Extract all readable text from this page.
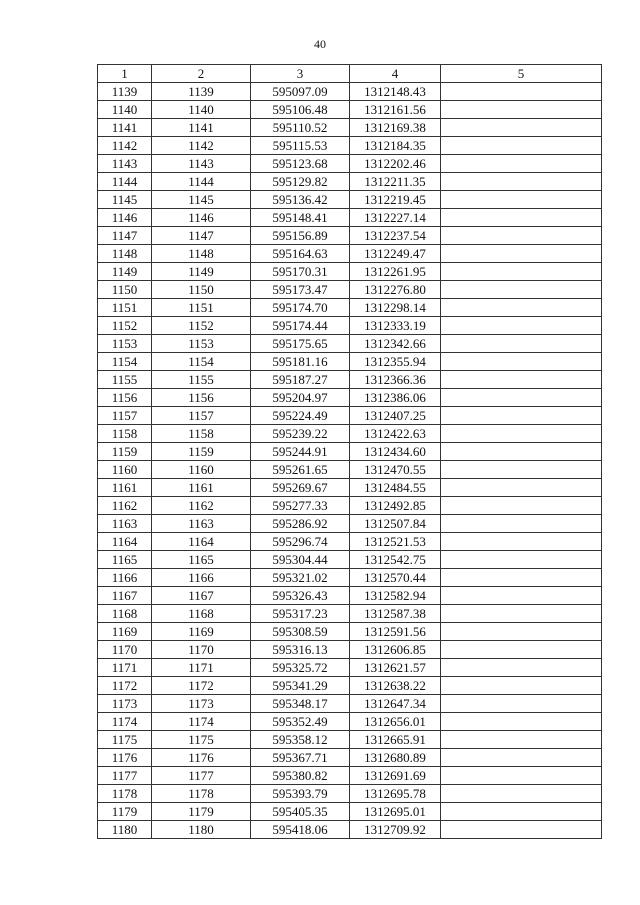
40
1	2	3	4	5
1139	1139	595097.09	1312148.43	
1140	1140	595106.48	1312161.56	
1141	1141	595110.52	1312169.38	
1142	1142	595115.53	1312184.35	
1143	1143	595123.68	1312202.46	
1144	1144	595129.82	1312211.35	
1145	1145	595136.42	1312219.45	
1146	1146	595148.41	1312227.14	
1147	1147	595156.89	1312237.54	
1148	1148	595164.63	1312249.47	
1149	1149	595170.31	1312261.95	
1150	1150	595173.47	1312276.80	
1151	1151	595174.70	1312298.14	
1152	1152	595174.44	1312333.19	
1153	1153	595175.65	1312342.66	
1154	1154	595181.16	1312355.94	
1155	1155	595187.27	1312366.36	
1156	1156	595204.97	1312386.06	
1157	1157	595224.49	1312407.25	
1158	1158	595239.22	1312422.63	
1159	1159	595244.91	1312434.60	
1160	1160	595261.65	1312470.55	
1161	1161	595269.67	1312484.55	
1162	1162	595277.33	1312492.85	
1163	1163	595286.92	1312507.84	
1164	1164	595296.74	1312521.53	
1165	1165	595304.44	1312542.75	
1166	1166	595321.02	1312570.44	
1167	1167	595326.43	1312582.94	
1168	1168	595317.23	1312587.38	
1169	1169	595308.59	1312591.56	
1170	1170	595316.13	1312606.85	
1171	1171	595325.72	1312621.57	
1172	1172	595341.29	1312638.22	
1173	1173	595348.17	1312647.34	
1174	1174	595352.49	1312656.01	
1175	1175	595358.12	1312665.91	
1176	1176	595367.71	1312680.89	
1177	1177	595380.82	1312691.69	
1178	1178	595393.79	1312695.78	
1179	1179	595405.35	1312695.01	
1180	1180	595418.06	1312709.92	
